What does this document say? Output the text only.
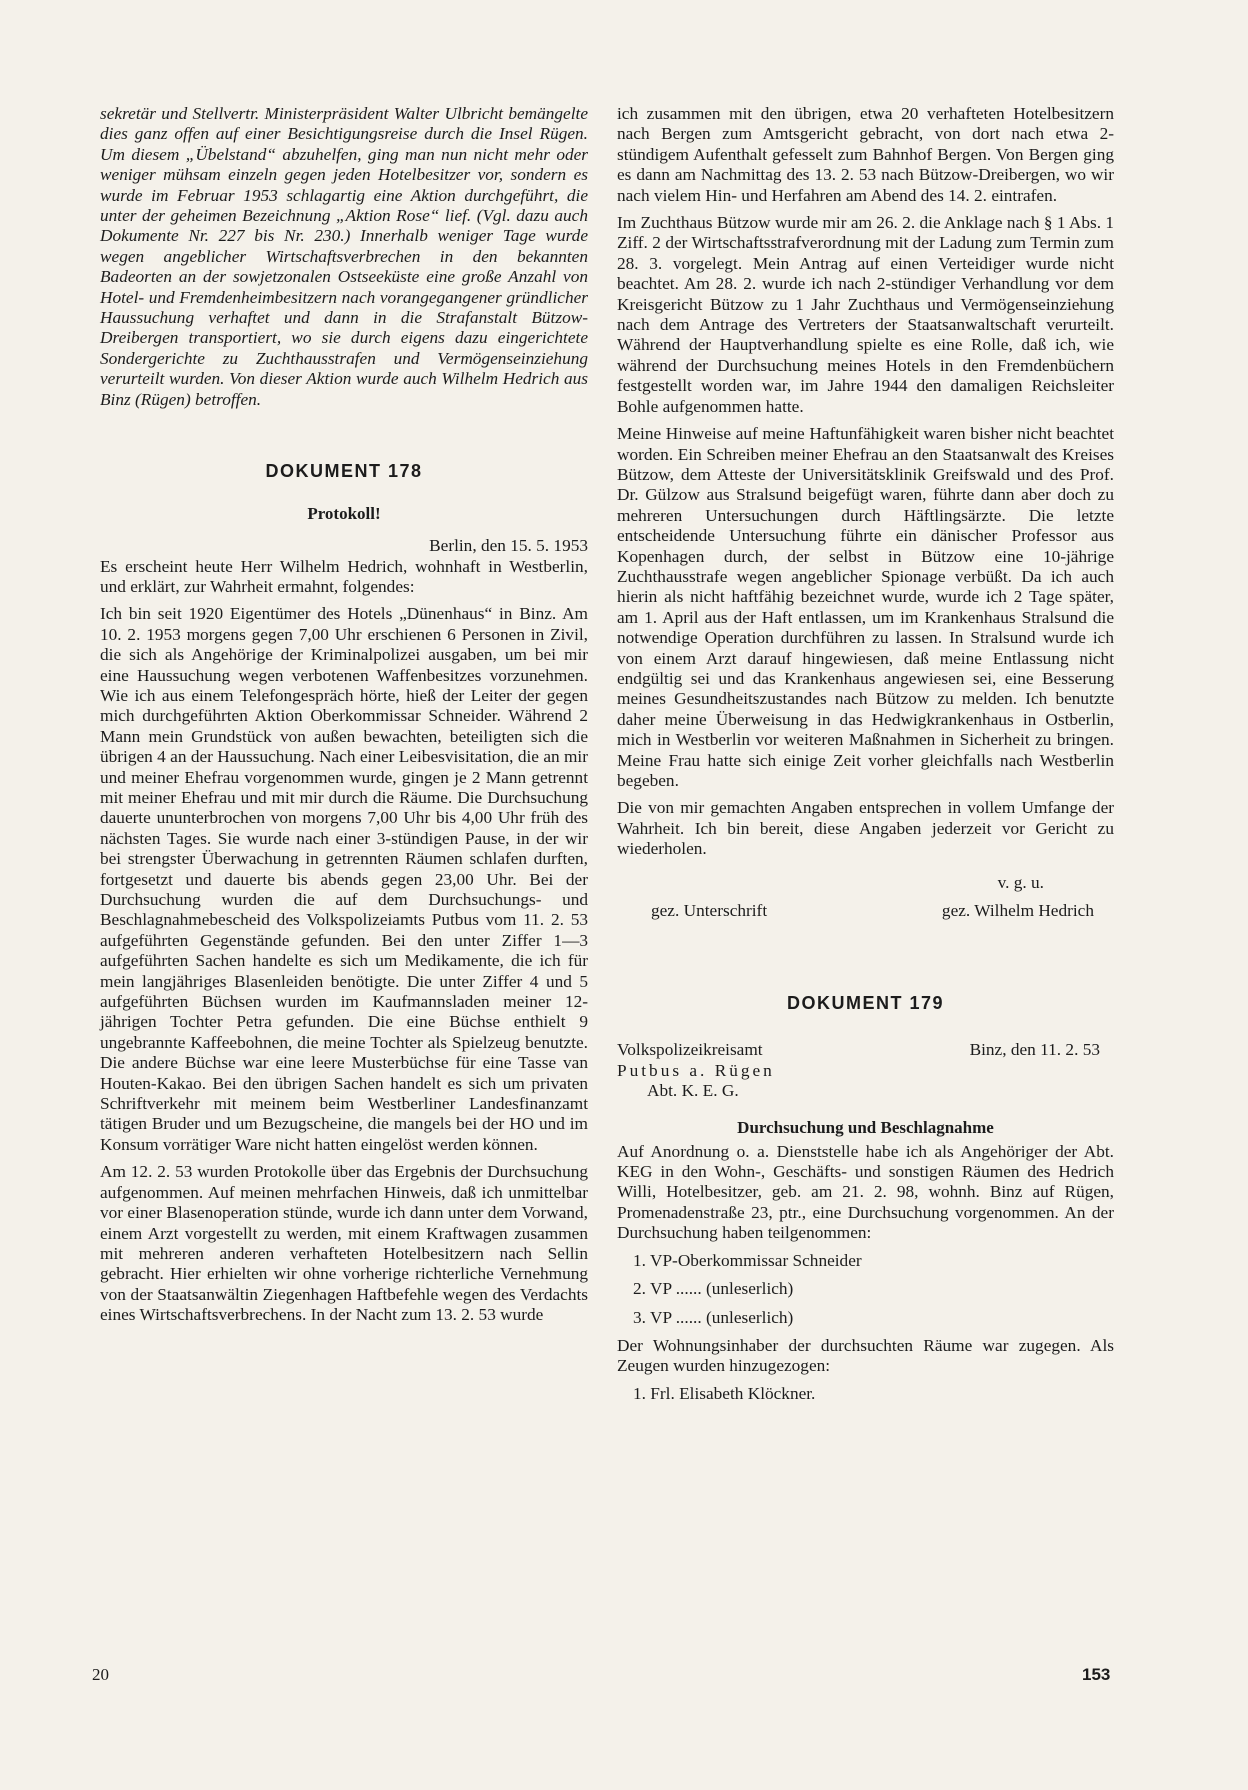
sekretär und Stellvertr. Ministerpräsident Walter Ulbricht bemängelte dies ganz offen auf einer Besichtigungsreise durch die Insel Rügen. Um diesem „Übelstand“ abzuhelfen, ging man nun nicht mehr oder weniger mühsam einzeln gegen jeden Hotelbesitzer vor, sondern es wurde im Februar 1953 schlagartig eine Aktion durchgeführt, die unter der geheimen Bezeichnung „Aktion Rose“ lief. (Vgl. dazu auch Dokumente Nr. 227 bis Nr. 230.) Innerhalb weniger Tage wurde wegen angeblicher Wirtschaftsverbrechen in den bekannten Badeorten an der sowjetzonalen Ostseeküste eine große Anzahl von Hotel- und Fremdenheimbesitzern nach vorangegangener gründlicher Haussuchung verhaftet und dann in die Strafanstalt Bützow-Dreibergen transportiert, wo sie durch eigens dazu eingerichtete Sondergerichte zu Zuchthausstrafen und Vermögenseinziehung verurteilt wurden. Von dieser Aktion wurde auch Wilhelm Hedrich aus Binz (Rügen) betroffen.

DOKUMENT 178
Protokoll!

Berlin, den 15. 5. 1953

Es erscheint heute Herr Wilhelm Hedrich, wohnhaft in Westberlin, und erklärt, zur Wahrheit ermahnt, folgendes:

Ich bin seit 1920 Eigentümer des Hotels „Dünenhaus“ in Binz. Am 10. 2. 1953 morgens gegen 7,00 Uhr erschienen 6 Personen in Zivil, die sich als Angehörige der Kriminalpolizei ausgaben, um bei mir eine Haussuchung wegen verbotenen Waffenbesitzes vorzunehmen. Wie ich aus einem Telefongespräch hörte, hieß der Leiter der gegen mich durchgeführten Aktion Oberkommissar Schneider. Während 2 Mann mein Grundstück von außen bewachten, beteiligten sich die übrigen 4 an der Haussuchung. Nach einer Leibesvisitation, die an mir und meiner Ehefrau vorgenommen wurde, gingen je 2 Mann getrennt mit meiner Ehefrau und mit mir durch die Räume. Die Durchsuchung dauerte ununterbrochen von morgens 7,00 Uhr bis 4,00 Uhr früh des nächsten Tages. Sie wurde nach einer 3-stündigen Pause, in der wir bei strengster Überwachung in getrennten Räumen schlafen durften, fortgesetzt und dauerte bis abends gegen 23,00 Uhr. Bei der Durchsuchung wurden die auf dem Durchsuchungs- und Beschlagnahmebescheid des Volkspolizeiamts Putbus vom 11. 2. 53 aufgeführten Gegenstände gefunden. Bei den unter Ziffer 1—3 aufgeführten Sachen handelte es sich um Medikamente, die ich für mein langjähriges Blasenleiden benötigte. Die unter Ziffer 4 und 5 aufgeführten Büchsen wurden im Kaufmannsladen meiner 12-jährigen Tochter Petra gefunden. Die eine Büchse enthielt 9 ungebrannte Kaffeebohnen, die meine Tochter als Spielzeug benutzte. Die andere Büchse war eine leere Musterbüchse für eine Tasse van Houten-Kakao. Bei den übrigen Sachen handelt es sich um privaten Schriftverkehr mit meinem beim Westberliner Landesfinanzamt tätigen Bruder und um Bezugscheine, die mangels bei der HO und im Konsum vorrätiger Ware nicht hatten eingelöst werden können.

Am 12. 2. 53 wurden Protokolle über das Ergebnis der Durchsuchung aufgenommen. Auf meinen mehrfachen Hinweis, daß ich unmittelbar vor einer Blasenoperation stünde, wurde ich dann unter dem Vorwand, einem Arzt vorgestellt zu werden, mit einem Kraftwagen zusammen mit mehreren anderen verhafteten Hotelbesitzern nach Sellin gebracht. Hier erhielten wir ohne vorherige richterliche Vernehmung von der Staatsanwältin Ziegenhagen Haftbefehle wegen des Verdachts eines Wirtschaftsverbrechens. In der Nacht zum 13. 2. 53 wurde

ich zusammen mit den übrigen, etwa 20 verhafteten Hotelbesitzern nach Bergen zum Amtsgericht gebracht, von dort nach etwa 2-stündigem Aufenthalt gefesselt zum Bahnhof Bergen. Von Bergen ging es dann am Nachmittag des 13. 2. 53 nach Bützow-Dreibergen, wo wir nach vielem Hin- und Herfahren am Abend des 14. 2. eintrafen.

Im Zuchthaus Bützow wurde mir am 26. 2. die Anklage nach § 1 Abs. 1 Ziff. 2 der Wirtschaftsstrafverordnung mit der Ladung zum Termin zum 28. 3. vorgelegt. Mein Antrag auf einen Verteidiger wurde nicht beachtet. Am 28. 2. wurde ich nach 2-stündiger Verhandlung vor dem Kreisgericht Bützow zu 1 Jahr Zuchthaus und Vermögenseinziehung nach dem Antrage des Vertreters der Staatsanwaltschaft verurteilt. Während der Hauptverhandlung spielte es eine Rolle, daß ich, wie während der Durchsuchung meines Hotels in den Fremdenbüchern festgestellt worden war, im Jahre 1944 den damaligen Reichsleiter Bohle aufgenommen hatte.

Meine Hinweise auf meine Haftunfähigkeit waren bisher nicht beachtet worden. Ein Schreiben meiner Ehefrau an den Staatsanwalt des Kreises Bützow, dem Atteste der Universitätsklinik Greifswald und des Prof. Dr. Gülzow aus Stralsund beigefügt waren, führte dann aber doch zu mehreren Untersuchungen durch Häftlingsärzte. Die letzte entscheidende Untersuchung führte ein dänischer Professor aus Kopenhagen durch, der selbst in Bützow eine 10-jährige Zuchthausstrafe wegen angeblicher Spionage verbüßt. Da ich auch hierin als nicht haftfähig bezeichnet wurde, wurde ich 2 Tage später, am 1. April aus der Haft entlassen, um im Krankenhaus Stralsund die notwendige Operation durchführen zu lassen. In Stralsund wurde ich von einem Arzt darauf hingewiesen, daß meine Entlassung nicht endgültig sei und das Krankenhaus angewiesen sei, eine Besserung meines Gesundheitszustandes nach Bützow zu melden. Ich benutzte daher meine Überweisung in das Hedwigkrankenhaus in Ostberlin, mich in Westberlin vor weiteren Maßnahmen in Sicherheit zu bringen. Meine Frau hatte sich einige Zeit vorher gleichfalls nach Westberlin begeben.

Die von mir gemachten Angaben entsprechen in vollem Umfange der Wahrheit. Ich bin bereit, diese Angaben jederzeit vor Gericht zu wiederholen.

v. g. u.
gez. Unterschrift	gez. Wilhelm Hedrich
DOKUMENT 179
Volkspolizeikreisamt
Putbus a. Rügen
Abt. K. E. G.
Binz, den 11. 2. 53
Durchsuchung und Beschlagnahme

Auf Anordnung o. a. Dienststelle habe ich als Angehöriger der Abt. KEG in den Wohn-, Geschäfts- und sonstigen Räumen des Hedrich Willi, Hotelbesitzer, geb. am 21. 2. 98, wohnh. Binz auf Rügen, Promenadenstraße 23, ptr., eine Durchsuchung vorgenommen. An der Durchsuchung haben teilgenommen:

1. VP-Oberkommissar Schneider
2. VP ...... (unleserlich)
3. VP ...... (unleserlich)

Der Wohnungsinhaber der durchsuchten Räume war zugegen. Als Zeugen wurden hinzugezogen:

1. Frl. Elisabeth Klöckner.
20	153
